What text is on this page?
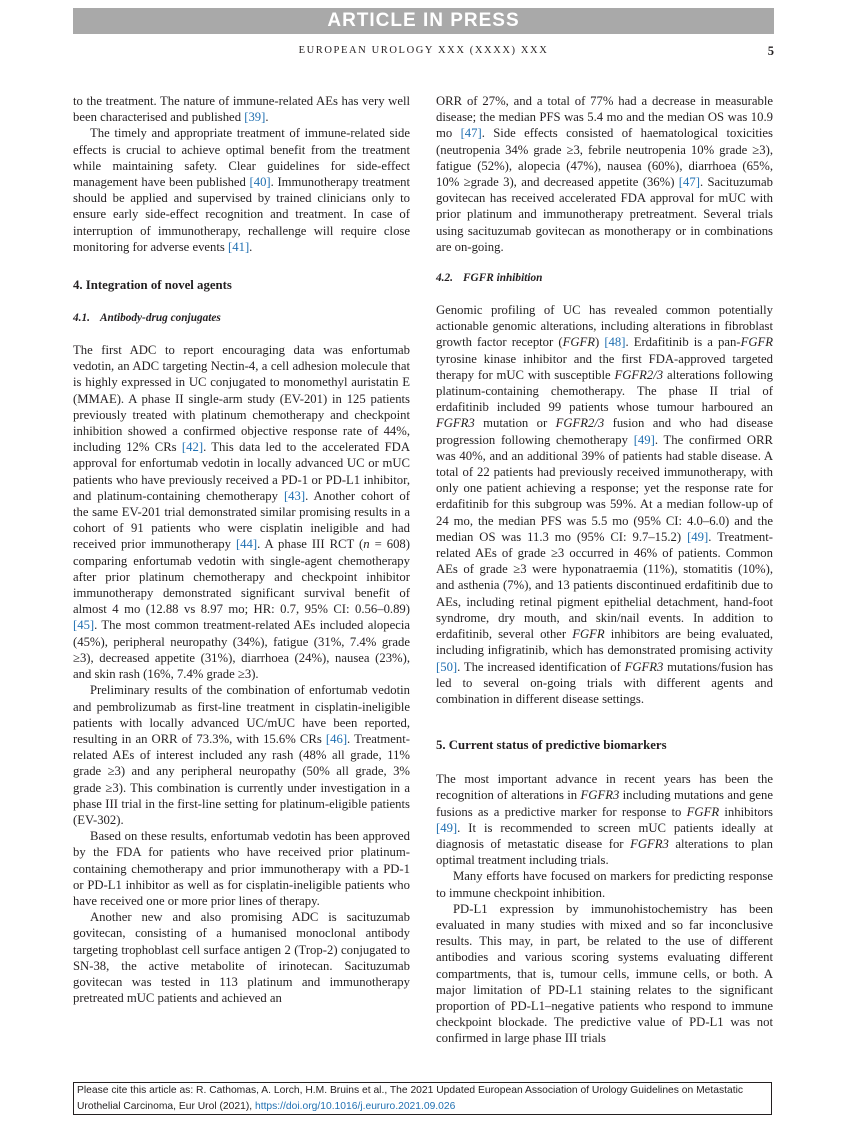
ARTICLE IN PRESS
EUROPEAN UROLOGY XXX (XXXX) XXX	5

to the treatment. The nature of immune-related AEs has very well been characterised and published [39].

The timely and appropriate treatment of immune-related side effects is crucial to achieve optimal benefit from the treatment while maintaining safety. Clear guidelines for side-effect management have been published [40]. Immunotherapy treatment should be applied and supervised by trained clinicians only to ensure early side-effect recognition and treatment. In case of interruption of immunotherapy, rechallenge will require close monitoring for adverse events [41].

4. Integration of novel agents
4.1. Antibody-drug conjugates

The first ADC to report encouraging data was enfortumab vedotin, an ADC targeting Nectin-4, a cell adhesion molecule that is highly expressed in UC conjugated to monomethyl auristatin E (MMAE). A phase II single-arm study (EV-201) in 125 patients previously treated with platinum chemotherapy and checkpoint inhibition showed a confirmed objective response rate of 44%, including 12% CRs [42]. This data led to the accelerated FDA approval for enfortumab vedotin in locally advanced UC or mUC patients who have previously received a PD-1 or PD-L1 inhibitor, and platinum-containing chemotherapy [43]. Another cohort of the same EV-201 trial demonstrated similar promising results in a cohort of 91 patients who were cisplatin ineligible and had received prior immunotherapy [44]. A phase III RCT (n = 608) comparing enfortumab vedotin with single-agent chemotherapy after prior platinum chemotherapy and checkpoint inhibitor immunotherapy demonstrated significant survival benefit of almost 4 mo (12.88 vs 8.97 mo; HR: 0.7, 95% CI: 0.56–0.89) [45]. The most common treatment-related AEs included alopecia (45%), peripheral neuropathy (34%), fatigue (31%, 7.4% grade ≥3), decreased appetite (31%), diarrhoea (24%), nausea (23%), and skin rash (16%, 7.4% grade ≥3).

Preliminary results of the combination of enfortumab vedotin and pembrolizumab as first-line treatment in cisplatin-ineligible patients with locally advanced UC/mUC have been reported, resulting in an ORR of 73.3%, with 15.6% CRs [46]. Treatment-related AEs of interest included any rash (48% all grade, 11% grade ≥3) and any peripheral neuropathy (50% all grade, 3% grade ≥3). This combination is currently under investigation in a phase III trial in the first-line setting for platinum-eligible patients (EV-302).

Based on these results, enfortumab vedotin has been approved by the FDA for patients who have received prior platinum-containing chemotherapy and prior immunotherapy with a PD-1 or PD-L1 inhibitor as well as for cisplatin-ineligible patients who have received one or more prior lines of therapy.

Another new and also promising ADC is sacituzumab govitecan, consisting of a humanised monoclonal antibody targeting trophoblast cell surface antigen 2 (Trop-2) conjugated to SN-38, the active metabolite of irinotecan. Sacituzumab govitecan was tested in 113 platinum and immunotherapy pretreated mUC patients and achieved an

ORR of 27%, and a total of 77% had a decrease in measurable disease; the median PFS was 5.4 mo and the median OS was 10.9 mo [47]. Side effects consisted of haematological toxicities (neutropenia 34% grade ≥3, febrile neutropenia 10% grade ≥3), fatigue (52%), alopecia (47%), nausea (60%), diarrhoea (65%, 10% ≥grade 3), and decreased appetite (36%) [47]. Sacituzumab govitecan has received accelerated FDA approval for mUC with prior platinum and immunotherapy pretreatment. Several trials using sacituzumab govitecan as monotherapy or in combinations are on-going.

4.2. FGFR inhibition

Genomic profiling of UC has revealed common potentially actionable genomic alterations, including alterations in fibroblast growth factor receptor (FGFR) [48]. Erdafitinib is a pan-FGFR tyrosine kinase inhibitor and the first FDA-approved targeted therapy for mUC with susceptible FGFR2/3 alterations following platinum-containing chemotherapy. The phase II trial of erdafitinib included 99 patients whose tumour harboured an FGFR3 mutation or FGFR2/3 fusion and who had disease progression following chemotherapy [49]. The confirmed ORR was 40%, and an additional 39% of patients had stable disease. A total of 22 patients had previously received immunotherapy, with only one patient achieving a response; yet the response rate for erdafitinib for this subgroup was 59%. At a median follow-up of 24 mo, the median PFS was 5.5 mo (95% CI: 4.0–6.0) and the median OS was 11.3 mo (95% CI: 9.7–15.2) [49]. Treatment-related AEs of grade ≥3 occurred in 46% of patients. Common AEs of grade ≥3 were hyponatraemia (11%), stomatitis (10%), and asthenia (7%), and 13 patients discontinued erdafitinib due to AEs, including retinal pigment epithelial detachment, hand-foot syndrome, dry mouth, and skin/nail events. In addition to erdafitinib, several other FGFR inhibitors are being evaluated, including infigratinib, which has demonstrated promising activity [50]. The increased identification of FGFR3 mutations/fusion has led to several on-going trials with different agents and combination in different disease settings.

5. Current status of predictive biomarkers

The most important advance in recent years has been the recognition of alterations in FGFR3 including mutations and gene fusions as a predictive marker for response to FGFR inhibitors [49]. It is recommended to screen mUC patients ideally at diagnosis of metastatic disease for FGFR3 alterations to plan optimal treatment including trials.

Many efforts have focused on markers for predicting response to immune checkpoint inhibition.

PD-L1 expression by immunohistochemistry has been evaluated in many studies with mixed and so far inconclusive results. This may, in part, be related to the use of different antibodies and various scoring systems evaluating different compartments, that is, tumour cells, immune cells, or both. A major limitation of PD-L1 staining relates to the significant proportion of PD-L1–negative patients who respond to immune checkpoint blockade. The predictive value of PD-L1 was not confirmed in large phase III trials

Please cite this article as: R. Cathomas, A. Lorch, H.M. Bruins et al., The 2021 Updated European Association of Urology Guidelines on Metastatic Urothelial Carcinoma, Eur Urol (2021), https://doi.org/10.1016/j.eururo.2021.09.026
